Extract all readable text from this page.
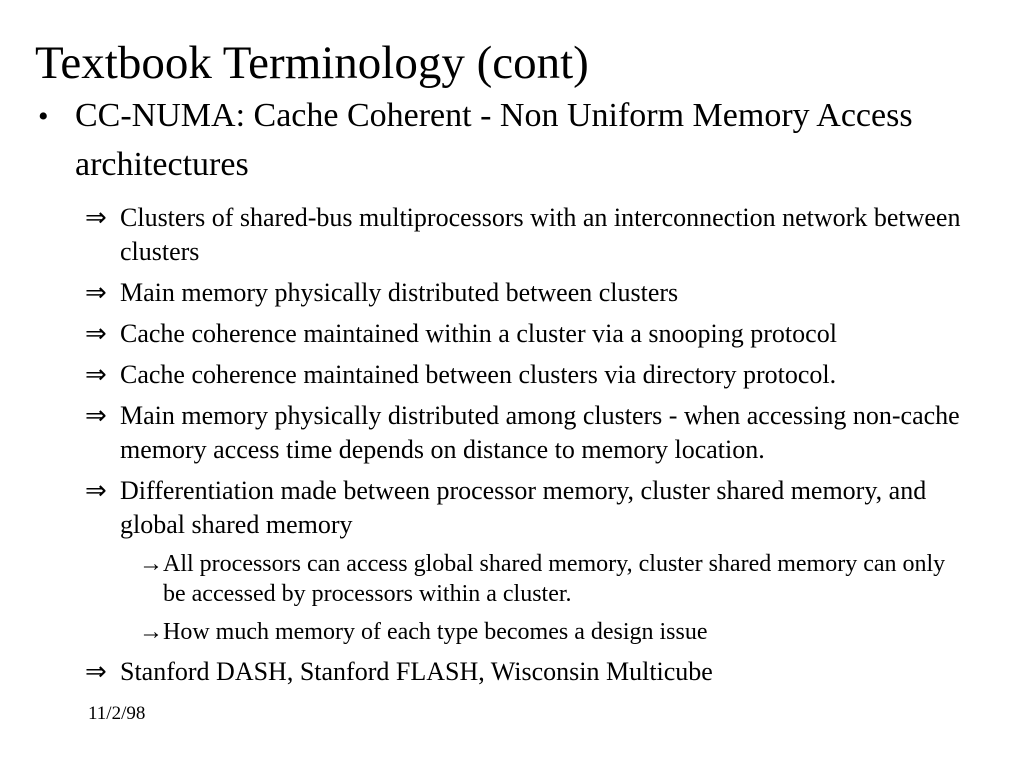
Textbook Terminology (cont)
• CC-NUMA: Cache Coherent - Non Uniform Memory Access architectures
⇒ Clusters of shared-bus multiprocessors with an interconnection network between clusters
⇒ Main memory physically distributed between clusters
⇒ Cache coherence maintained within a cluster via a snooping protocol
⇒ Cache coherence maintained between clusters via directory protocol.
⇒ Main memory physically distributed among clusters - when accessing non-cache memory access time depends on distance to memory location.
⇒ Differentiation made between processor memory, cluster shared memory, and global shared memory
→All processors can access global shared memory, cluster shared memory can only be accessed by processors within a cluster.
→How much memory of each type becomes a design issue
⇒ Stanford DASH, Stanford FLASH, Wisconsin Multicube
11/2/98
